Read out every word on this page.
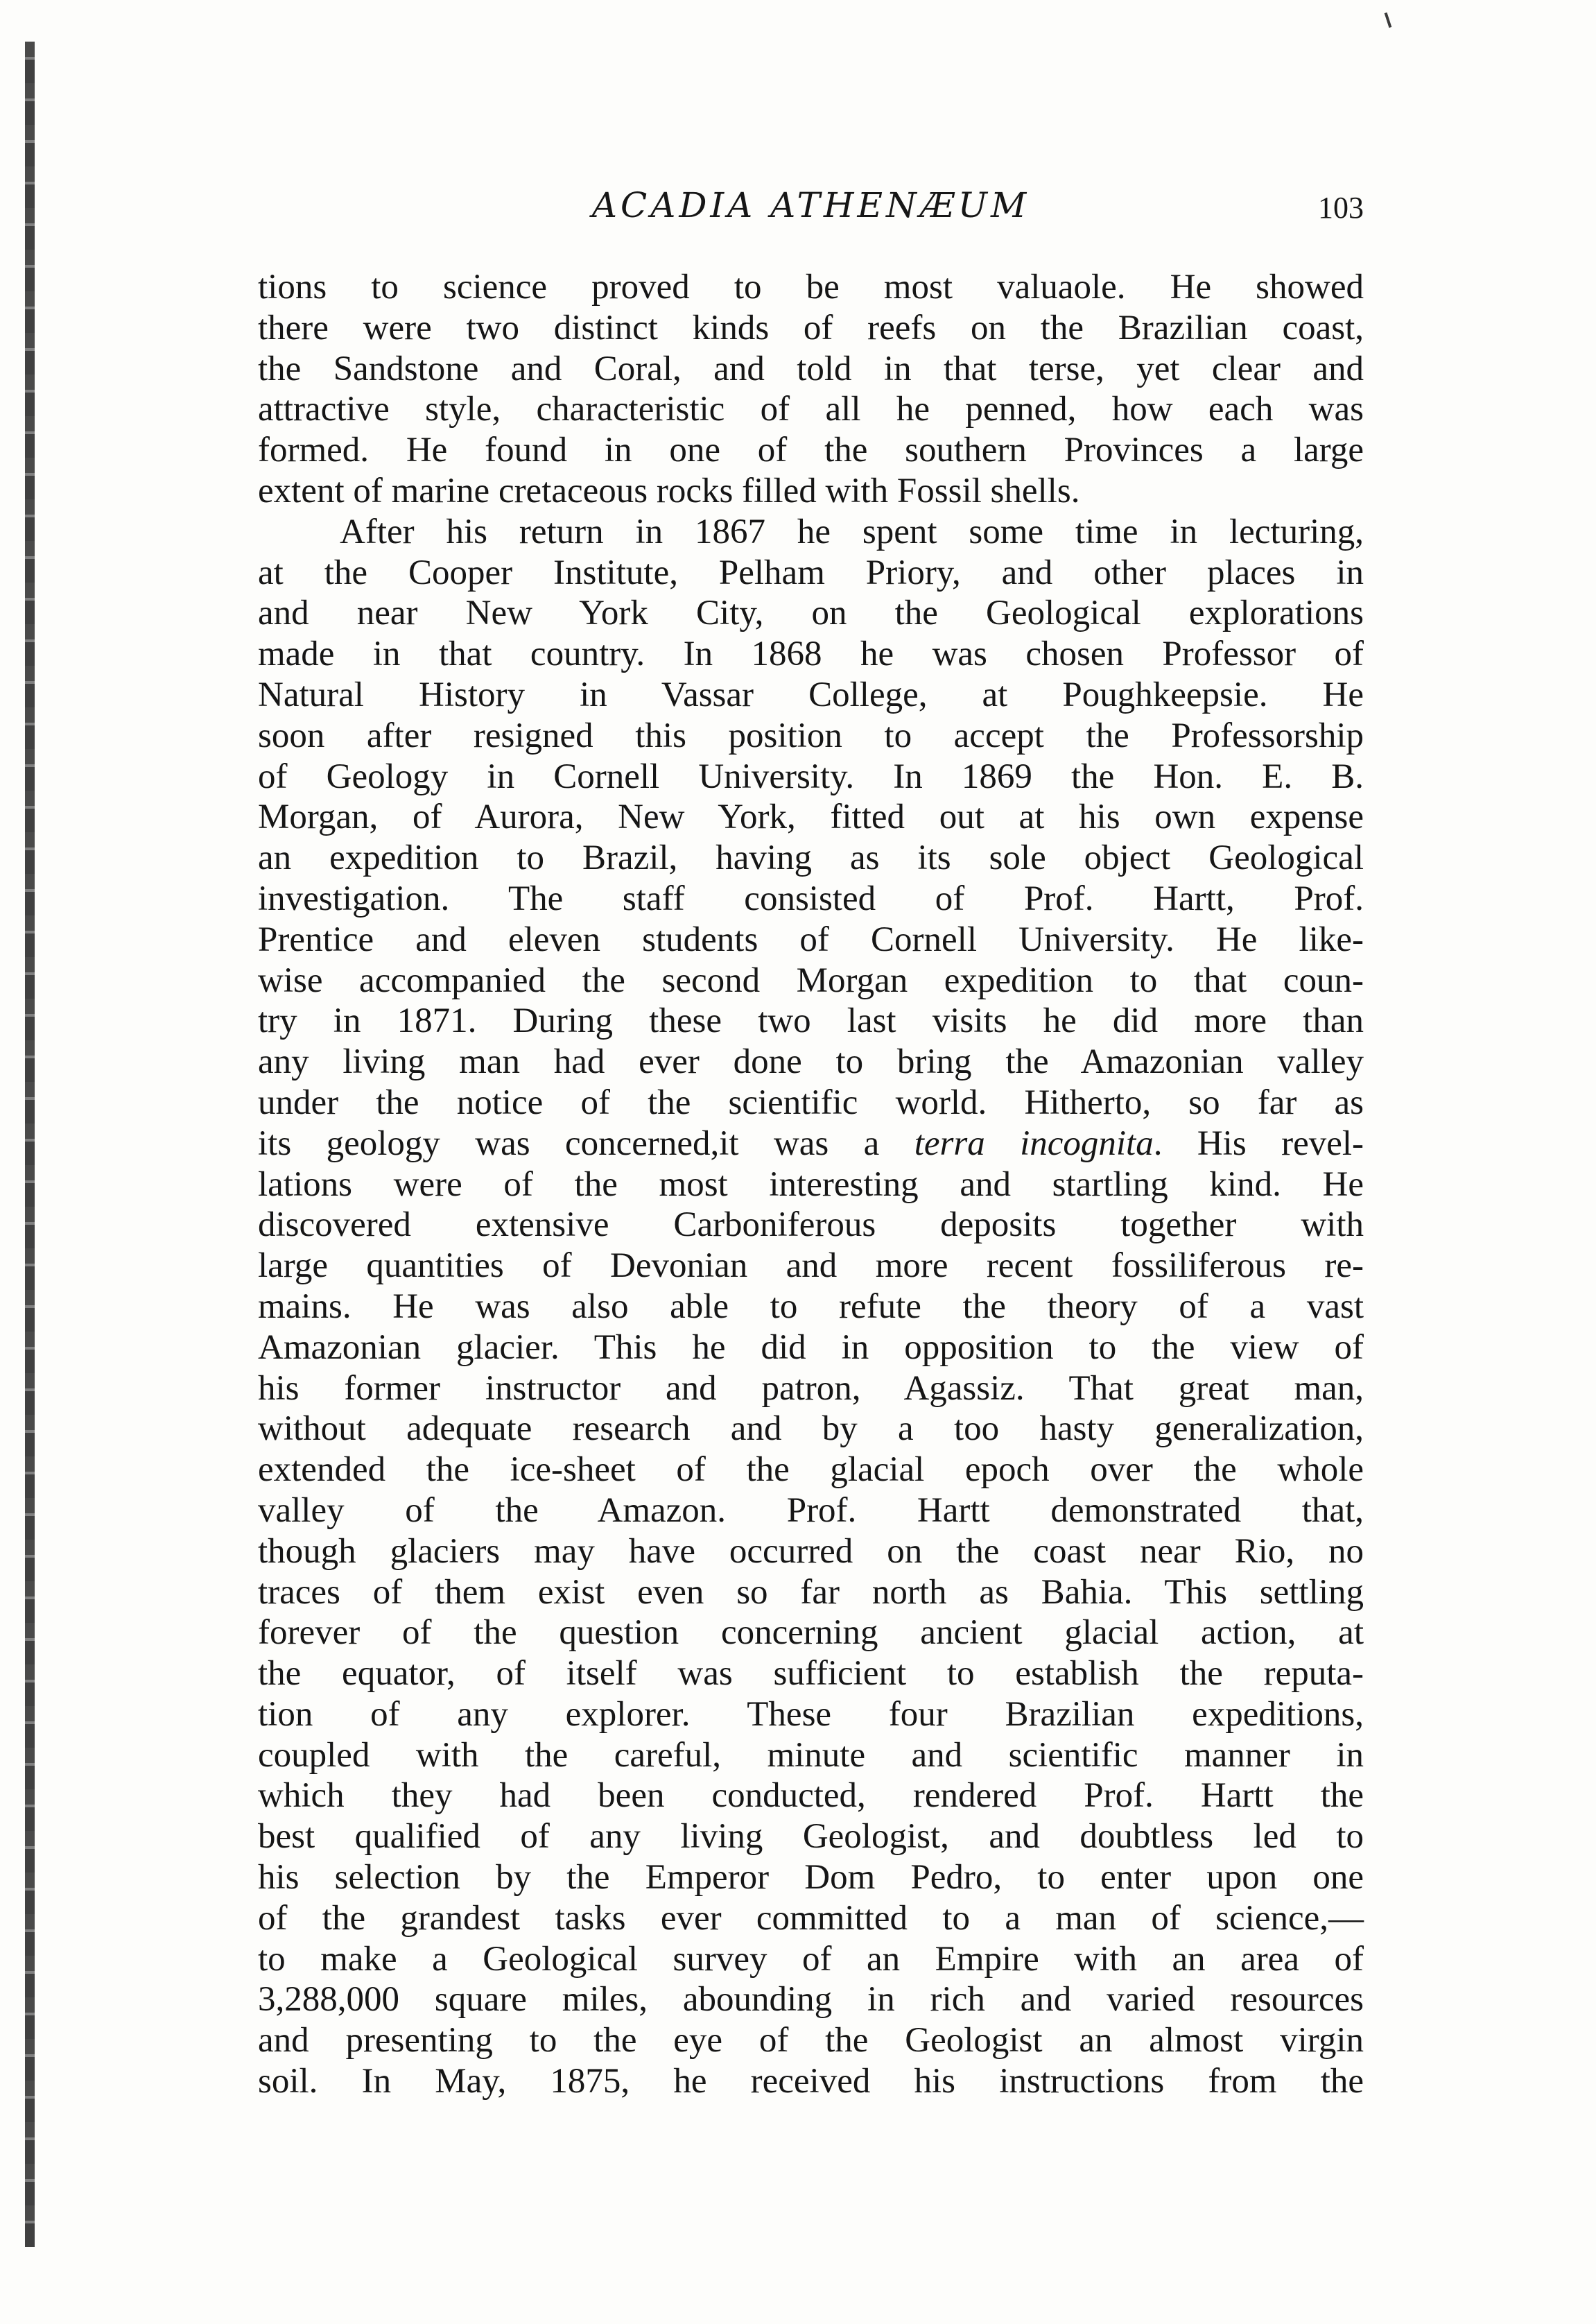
ACADIA ATHENÆUM	103
tions to science proved to be most valuaole. He showed
there were two distinct kinds of reefs on the Brazilian coast,
the Sandstone and Coral, and told in that terse, yet clear and
attractive style, characteristic of all he penned, how each was
formed. He found in one of the southern Provinces a large
extent of marine cretaceous rocks filled with Fossil shells.
After his return in 1867 he spent some time in lecturing,
at the Cooper Institute, Pelham Priory, and other places in
and near New York City, on the Geological explorations
made in that country. In 1868 he was chosen Professor of
Natural History in Vassar College, at Poughkeepsie. He
soon after resigned this position to accept the Professorship
of Geology in Cornell University. In 1869 the Hon. E. B.
Morgan, of Aurora, New York, fitted out at his own expense
an expedition to Brazil, having as its sole object Geological
investigation. The staff consisted of Prof. Hartt, Prof.
Prentice and eleven students of Cornell University. He like-
wise accompanied the second Morgan expedition to that coun-
try in 1871. During these two last visits he did more than
any living man had ever done to bring the Amazonian valley
under the notice of the scientific world. Hitherto, so far as
its geology was concerned,it was a terra incognita. His revel-
lations were of the most interesting and startling kind. He
discovered extensive Carboniferous deposits together with
large quantities of Devonian and more recent fossiliferous re-
mains. He was also able to refute the theory of a vast
Amazonian glacier. This he did in opposition to the view of
his former instructor and patron, Agassiz. That great man,
without adequate research and by a too hasty generalization,
extended the ice-sheet of the glacial epoch over the whole
valley of the Amazon. Prof. Hartt demonstrated that,
though glaciers may have occurred on the coast near Rio, no
traces of them exist even so far north as Bahia. This settling
forever of the question concerning ancient glacial action, at
the equator, of itself was sufficient to establish the reputa-
tion of any explorer. These four Brazilian expeditions,
coupled with the careful, minute and scientific manner in
which they had been conducted, rendered Prof. Hartt the
best qualified of any living Geologist, and doubtless led to
his selection by the Emperor Dom Pedro, to enter upon one
of the grandest tasks ever committed to a man of science,—
to make a Geological survey of an Empire with an area of
3,288,000 square miles, abounding in rich and varied resources
and presenting to the eye of the Geologist an almost virgin
soil. In May, 1875, he received his instructions from the
